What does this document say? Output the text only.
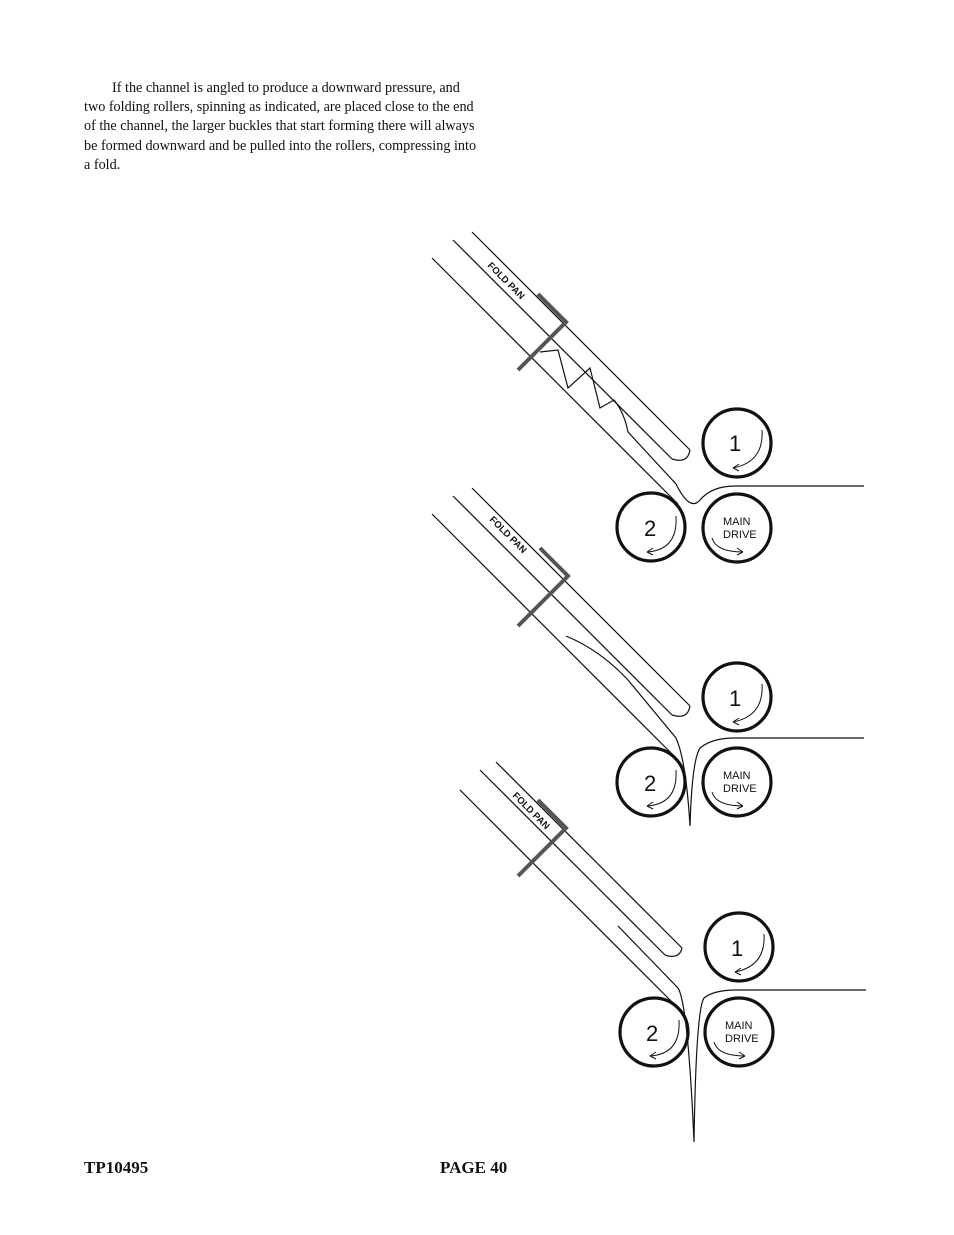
If the channel is angled to produce a downward pressure, and two folding rollers, spinning as indicated, are placed close to the end of the channel, the larger buckles that start forming there will always be formed downward and be pulled into the rollers, compressing into a fold.

FOLD PAN
1
2	MAIN
DRIVE
FOLD PAN
1
2	MAIN
DRIVE
FOLD PAN
1
2	MAIN
DRIVE
TP10495	PAGE 40
